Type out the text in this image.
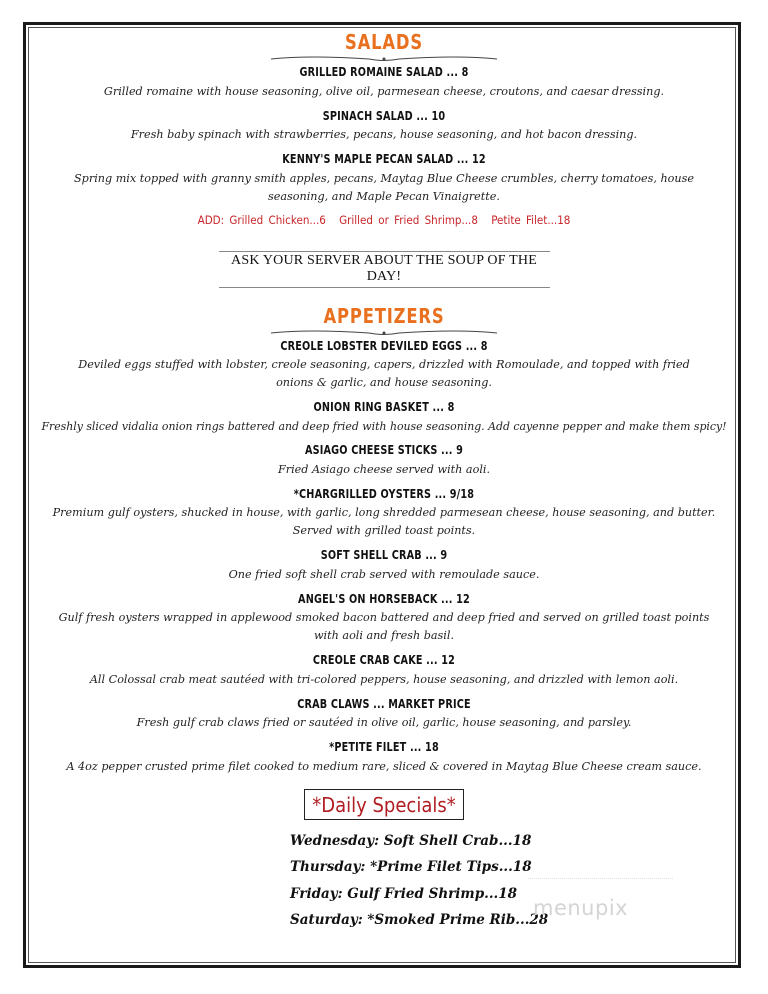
SALADS

GRILLED ROMAINE SALAD ... 8

Grilled romaine with house seasoning, olive oil, parmesean cheese, croutons, and caesar dressing.

SPINACH SALAD ... 10

Fresh baby spinach with strawberries, pecans, house seasoning, and hot bacon dressing.

KENNY'S MAPLE PECAN SALAD ... 12

Spring mix topped with granny smith apples, pecans, Maytag Blue Cheese crumbles, cherry tomatoes, house seasoning, and Maple Pecan Vinaigrette.

ADD: Grilled Chicken...6 Grilled or Fried Shrimp...8 Petite Filet...18

ASK YOUR SERVER ABOUT THE SOUP OF THE DAY!
APPETIZERS

CREOLE LOBSTER DEVILED EGGS ... 8

Deviled eggs stuffed with lobster, creole seasoning, capers, drizzled with Romoulade, and topped with fried onions & garlic, and house seasoning.

ONION RING BASKET ... 8

Freshly sliced vidalia onion rings battered and deep fried with house seasoning. Add cayenne pepper and make them spicy!

ASIAGO CHEESE STICKS ... 9

Fried Asiago cheese served with aoli.

*CHARGRILLED OYSTERS ... 9/18

Premium gulf oysters, shucked in house, with garlic, long shredded parmesean cheese, house seasoning, and butter. Served with grilled toast points.

SOFT SHELL CRAB ... 9

One fried soft shell crab served with remoulade sauce.

ANGEL'S ON HORSEBACK ... 12

Gulf fresh oysters wrapped in applewood smoked bacon battered and deep fried and served on grilled toast points with aoli and fresh basil.

CREOLE CRAB CAKE ... 12

All Colossal crab meat sautéed with tri-colored peppers, house seasoning, and drizzled with lemon aoli.

CRAB CLAWS ... MARKET PRICE

Fresh gulf crab claws fried or sautéed in olive oil, garlic, house seasoning, and parsley.

*PETITE FILET ... 18

A 4oz pepper crusted prime filet cooked to medium rare, sliced & covered in Maytag Blue Cheese cream sauce.

*Daily Specials*
Wednesday: Soft Shell Crab...18
Thursday: *Prime Filet Tips...18
Friday: Gulf Fried Shrimp...18
Saturday: *Smoked Prime Rib...28
menupix
